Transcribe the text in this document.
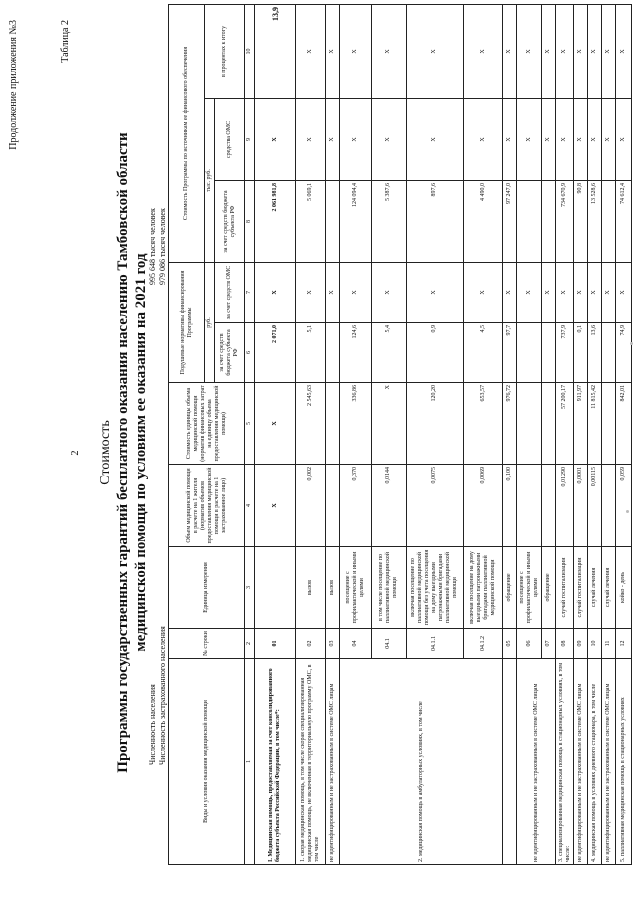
2
Продолжение приложения №3	Таблица 2
Стоимость Программы государственных гарантий бесплатного оказания населению Тамбовской области медицинской помощи по условиям ее оказания на 2021 год
Численность населения Численность застрахованного населения
995 648 тысяч человек 979 086 тысяч человек
Виды и условия оказания медицинской помощи	№ строки	Единица измерения	Объем медицинской помощи в расчете на 1 жителя (норматив объемов предоставления медицинской помощи в расчете на 1 застрахованное лицо)	Стоимость единицы объема медицинской помощи (норматив финансовых затрат на единицу объема предоставления медицинской помощи)	Подушевые нормативы финансирования Программы		Стоимость Программы по источникам ее финансового обеспечения		
					руб.		тыс. руб.		в процентах к итогу
					за счет средств бюджета субъекта РФ	за счет средств ОМС	за счет средств бюджета субъекта РФ	средства ОМС	
1	2	3	4	5	6	7	8	9	10
I. Медицинская помощь, предоставляемая за счет консолидированного бюджета субъекта Российской Федерации, в том числе*:	01		X	X	2 071,0	X	2 061 981,8	X	13,9
1. скорая медицинская помощь, в том числе скорая специализированная медицинская помощь, не включенная в территориальную программу ОМС, в том числе	02	вызов	0,002	2 545,63	5,1	X	5 069,1	X	X
не идентифицированным и не застрахованным в системе ОМС лицам	03	вызов				X		X	X
2. медицинская помощь в амбулаторных условиях, в том числе	04	посещение с профилактической и иными целями	0,370	336,86	124,6	X	124 094,4	X	X
	04.1	в том числе посещение по паллиативной медицинской помощи	0,0144	X	5,4	X	5 387,6	X	X
	04.1.1	включая посещение по паллиативной медицинской помощи без учета посещения на дому выездными патронажными бригадами паллиативной медицинской помощи	0,0075	120,20	0,9	X	897,6	X	X
	04.1.2	включая посещение на дому выездными патронажными бригадами паллиативной медицинской помощи	0,0069	653,57	4,5	X	4 490,0	X	X
	05	обращение	0,100	976,72	97,7	X	97 247,0	X	X
не идентифицированным и не застрахованным в системе ОМС лицам	06	посещение с профилактической и иными целями				X		X	X
	07	обращение				X		X	X
3. специализированная медицинская помощь в стационарных условиях, в том числе:	08	случай госпитализации	0,01290	57 200,17	737,9	X	734 670,9	X	X
не идентифицированным и не застрахованным в системе ОМС лицам	09	случай госпитализации	0,0001	911,97	0,1	X	90,8	X	X
4. медицинская помощь в условиях дневного стационара, в том числе	10	случай лечения	0,00115	11 815,42	13,6	X	13 528,6	X	X
не идентифицированным и не застрахованным в системе ОМС лицам	11	случай лечения				X		X	X
5. паллиативная медицинская помощь в стационарных условиях	12	койко - день	0,059	842,01	74,9	X	74 612,4	X	X
